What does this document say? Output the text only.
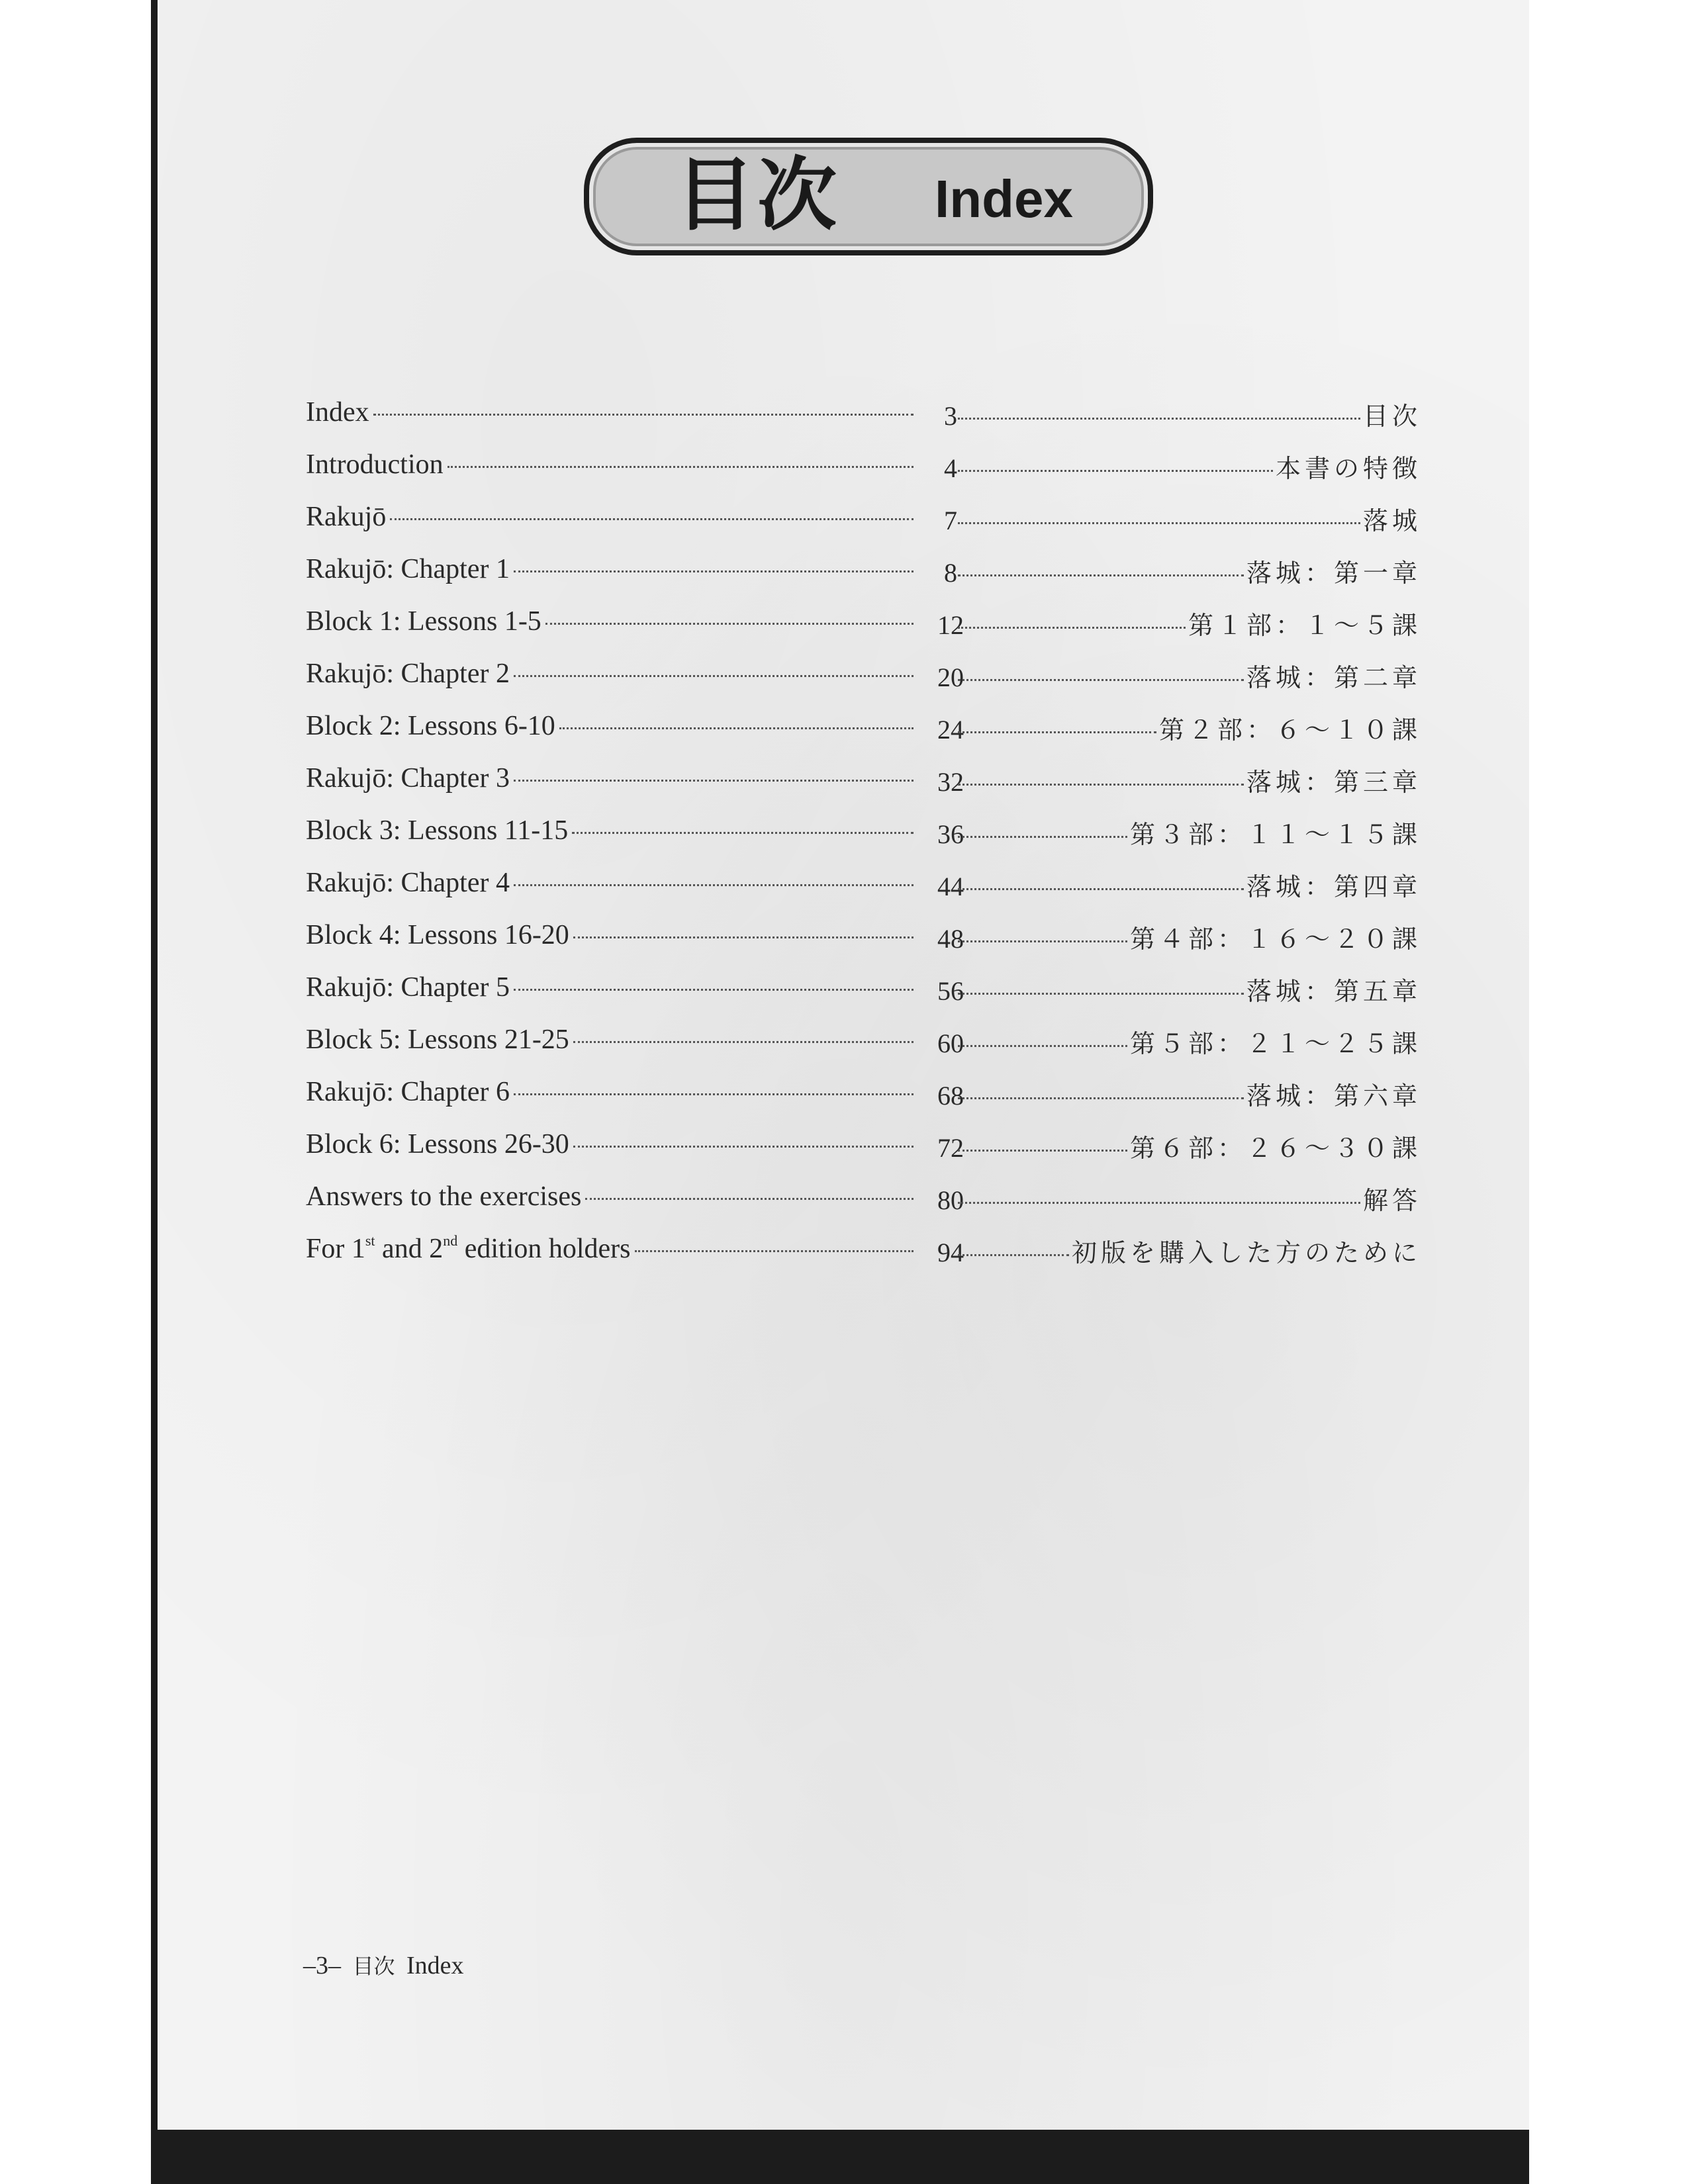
目次 Index
Index	3	目次
Introduction	4	本書の特徴
Rakujō	7	落城
Rakujō: Chapter 1	8	落城：第一章
Block 1: Lessons 1-5	12	第１部：１～５課
Rakujō: Chapter 2	20	落城：第二章
Block 2: Lessons 6-10	24	第２部：６～１０課
Rakujō: Chapter 3	32	落城：第三章
Block 3: Lessons 11-15	36	第３部：１１～１５課
Rakujō: Chapter 4	44	落城：第四章
Block 4: Lessons 16-20	48	第４部：１６～２０課
Rakujō: Chapter 5	56	落城：第五章
Block 5: Lessons 21-25	60	第５部：２１～２５課
Rakujō: Chapter 6	68	落城：第六章
Block 6: Lessons 26-30	72	第６部：２６～３０課
Answers to the exercises	80	解答
For 1st and 2nd edition holders	94	初版を購入した方のために
–3– 目次 Index
